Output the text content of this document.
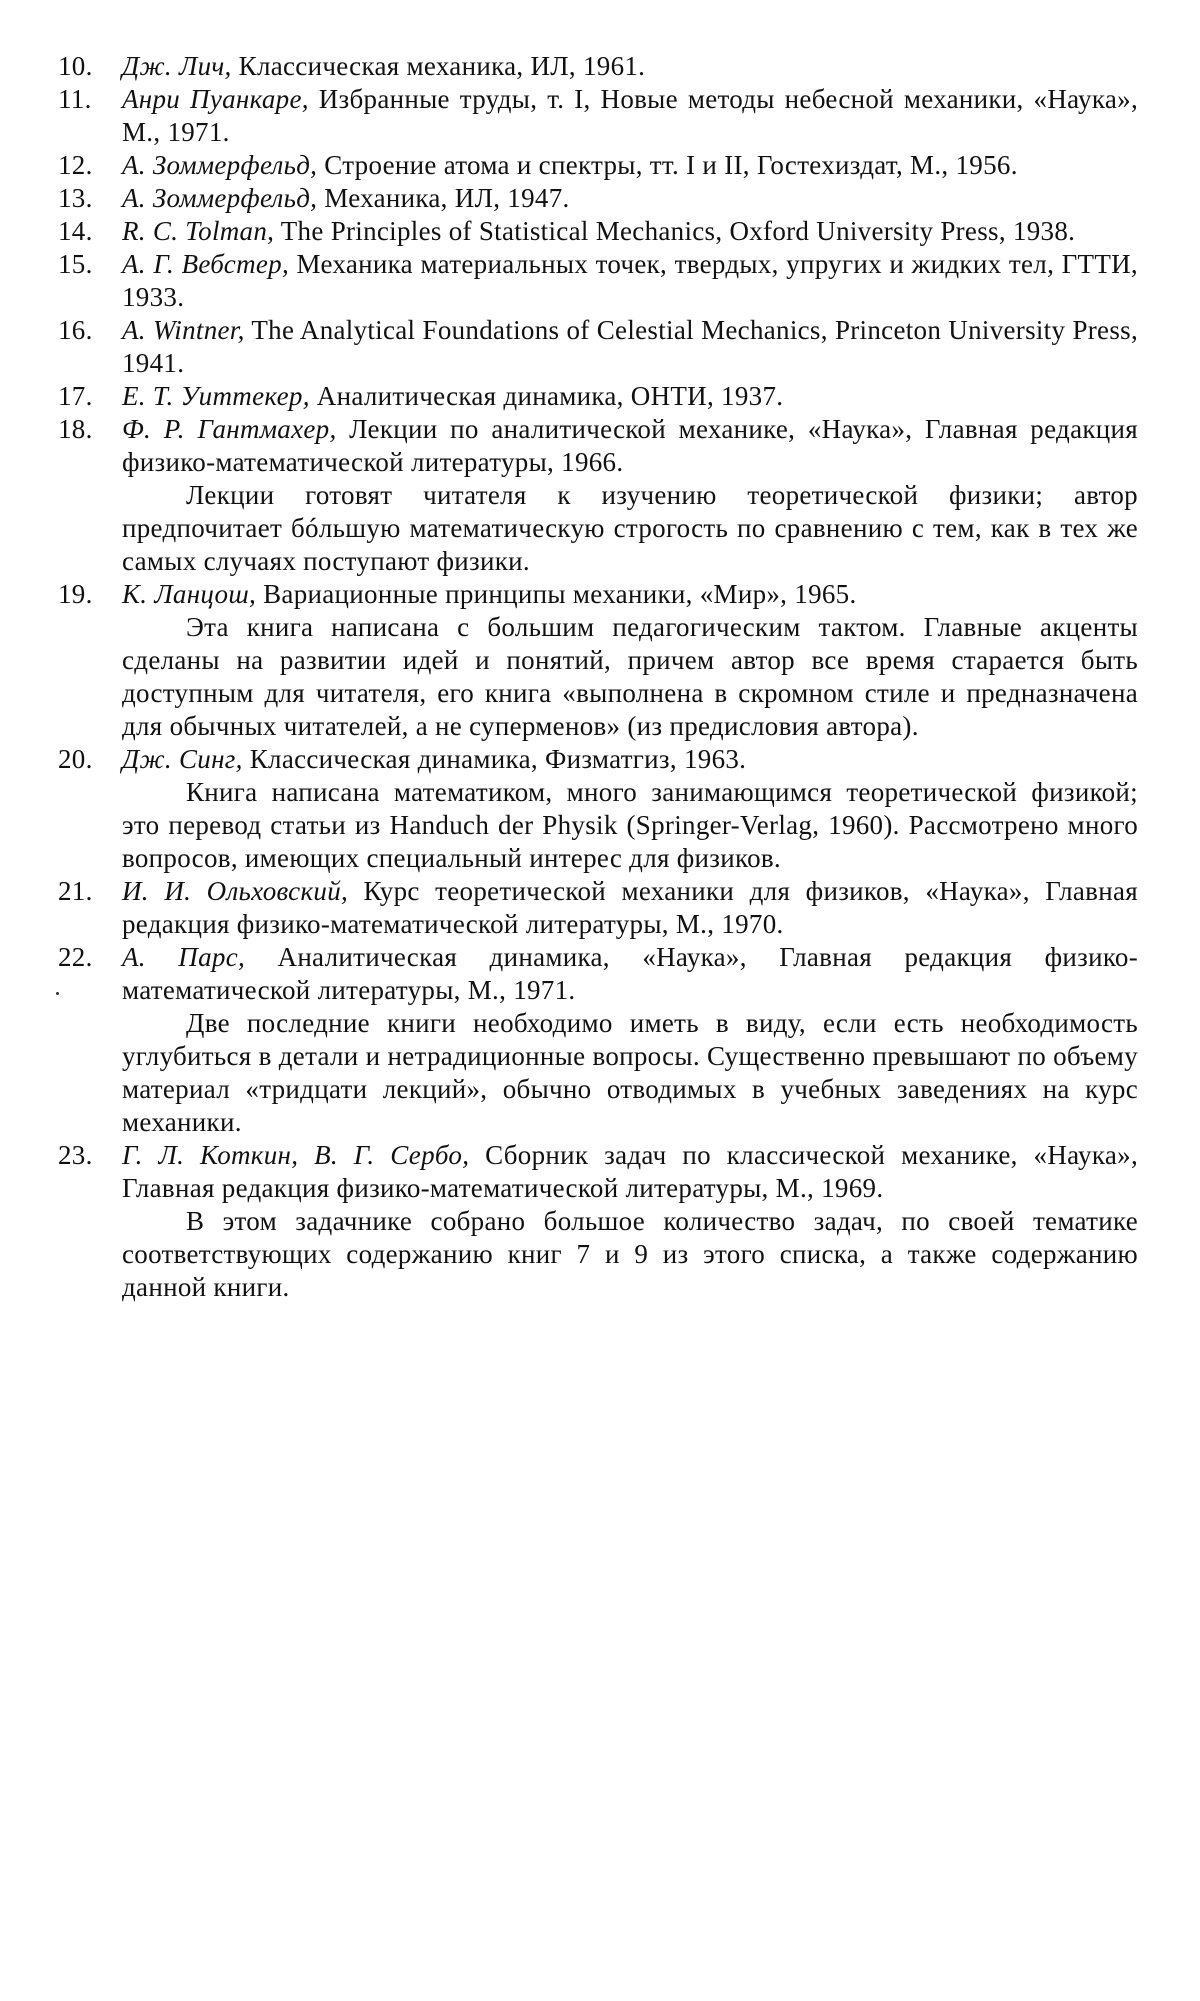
10.	Дж. Лич, Классическая механика, ИЛ, 1961.
11.	Анри Пуанкаре, Избранные труды, т. I, Новые методы небесной механики, «Наука», М., 1971.
12.	А. Зоммерфельд, Строение атома и спектры, тт. I и II, Гостехиздат, М., 1956.
13.	А. Зоммерфельд, Механика, ИЛ, 1947.
14.	R. C. Tolman, The Principles of Statistical Mechanics, Oxford University Press, 1938.
15.	А. Г. Вебстер, Механика материальных точек, твердых, упругих и жидких тел, ГТТИ, 1933.
16.	A. Wintner, The Analytical Foundations of Celestial Mechanics, Princeton University Press, 1941.
17.	Е. Т. Уиттекер, Аналитическая динамика, ОНТИ, 1937.
18.	Ф. Р. Гантмахер, Лекции по аналитической механике, «Наука», Главная редакция физико-математической литературы, 1966.
Лекции готовят читателя к изучению теоретической физики; автор предпочитает бóльшую математическую строгость по сравнению с тем, как в тех же самых случаях поступают физики.
19.	К. Ланцош, Вариационные принципы механики, «Мир», 1965.
Эта книга написана с большим педагогическим тактом. Главные акценты сделаны на развитии идей и понятий, причем автор все время старается быть доступным для читателя, его книга «выполнена в скромном стиле и предназначена для обычных читателей, а не суперменов» (из предисловия автора).
20.	Дж. Синг, Классическая динамика, Физматгиз, 1963.
Книга написана математиком, много занимающимся теоретической физикой; это перевод статьи из Handuch der Physik (Springer-Verlag, 1960). Рассмотрено много вопросов, имеющих специальный интерес для физиков.
21.	И. И. Ольховский, Курс теоретической механики для физиков, «Наука», Главная редакция физико-математической литературы, М., 1970.
22.	А. Парс, Аналитическая динамика, «Наука», Главная редакция физико-математической литературы, М., 1971.
Две последние книги необходимо иметь в виду, если есть необходимость углубиться в детали и нетрадиционные вопросы. Существенно превышают по объему материал «тридцати лекций», обычно отводимых в учебных заведениях на курс механики.
23.	Г. Л. Коткин, В. Г. Сербо, Сборник задач по классической механике, «Наука», Главная редакция физико-математической литературы, М., 1969.
В этом задачнике собрано большое количество задач, по своей тематике соответствующих содержанию книг 7 и 9 из этого списка, а также содержанию данной книги.
